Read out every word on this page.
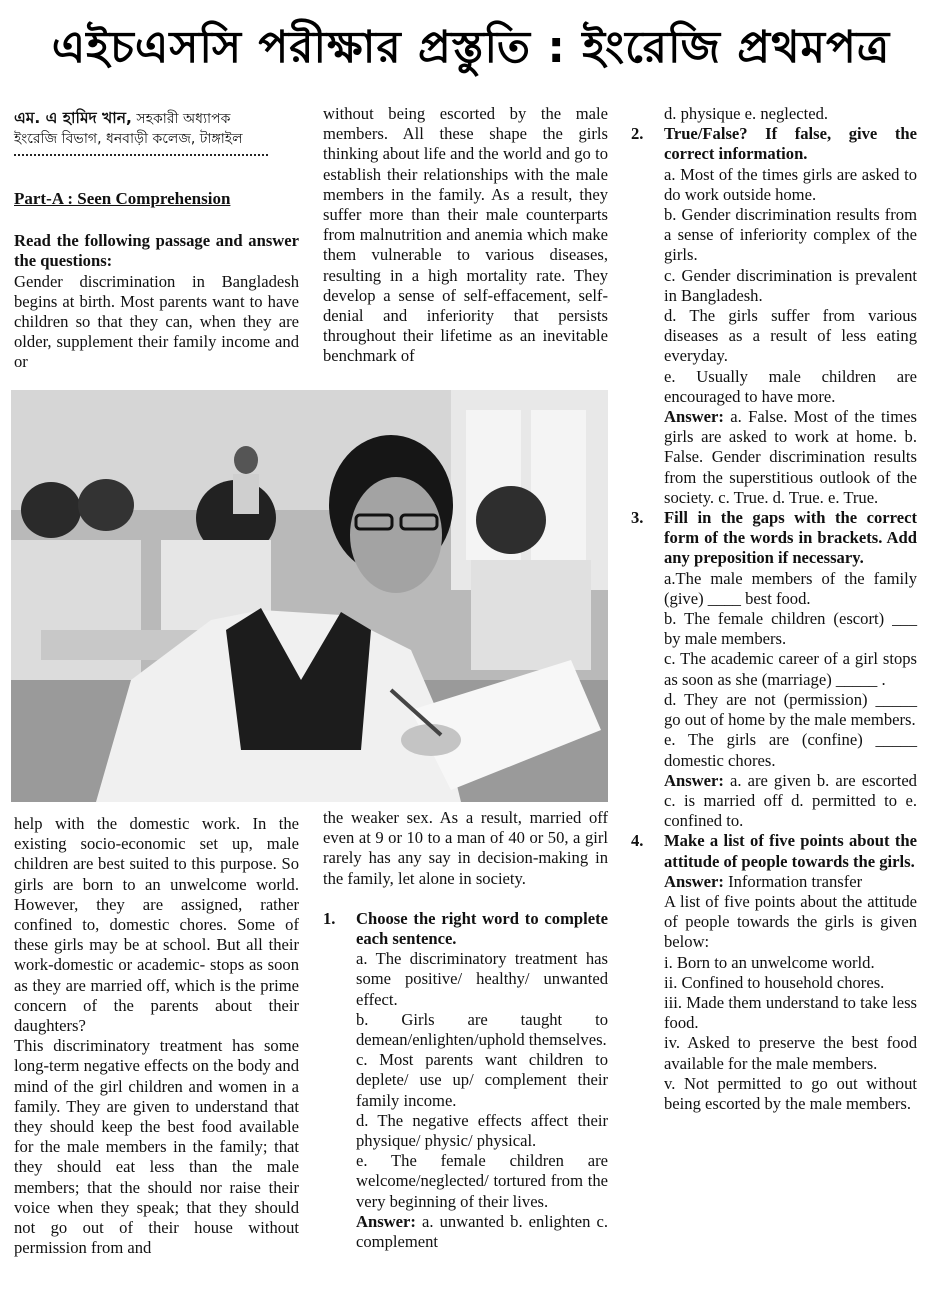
এইচএসসি পরীক্ষার প্রস্তুতি : ইংরেজি প্রথমপত্র
এম. এ হামিদ খান, সহকারী অধ্যাপক
ইংরেজি বিভাগ, ধনবাড়ী কলেজ, টাঙ্গাইল

Part-A : Seen Comprehension

Read the following passage and answer the questions:

Gender discrimination in Bangladesh begins at birth. Most parents want to have children so that they can, when they are older, supplement their family income and or

without being escorted by the male members. All these shape the girls thinking about life and the world and go to establish their relationships with the male members in the family. As a result, they suffer more than their male counterparts from malnutrition and anemia which make them vulnerable to various diseases, resulting in a high mortality rate. They develop a sense of self-effacement, self-denial and inferiority that persists throughout their lifetime as an inevitable benchmark of

help with the domestic work. In the existing socio-economic set up, male children are best suited to this purpose. So girls are born to an unwelcome world. However, they are assigned, rather confined to, domestic chores. Some of these girls may be at school. But all their work-domestic or academic- stops as soon as they are married off, which is the prime concern of the parents about their daughters?

This discriminatory treatment has some long-term negative effects on the body and mind of the girl children and women in a family. They are given to understand that they should keep the best food available for the male members in the family; that they should eat less than the male members; that the should nor raise their voice when they speak; that they should not go out of their house without permission from and

the weaker sex. As a result, married off even at 9 or 10 to a man of 40 or 50, a girl rarely has any say in decision-making in the family, let alone in society.

1.	Choose the right word to complete each sentence.

a. The discriminatory treatment has some positive/ healthy/ unwanted effect.

b. Girls are taught to demean/enlighten/uphold themselves.

c. Most parents want children to deplete/ use up/ complement their family income.

d. The negative effects affect their physique/ physic/ physical.

e. The female children are welcome/neglected/ tortured from the very beginning of their lives.

Answer: a. unwanted b. enlighten c. complement

d. physique e. neglected.

2.	True/False? If false, give the correct information.

a. Most of the times girls are asked to do work outside home.

b. Gender discrimination results from a sense of inferiority complex of the girls.

c. Gender discrimination is prevalent in Bangladesh.

d. The girls suffer from various diseases as a result of less eating everyday.

e. Usually male children are encouraged to have more.

Answer: a. False. Most of the times girls are asked to work at home. b. False. Gender discrimination results from the superstitious outlook of the society. c. True. d. True. e. True.

3.	Fill in the gaps with the correct form of the words in brackets. Add any preposition if necessary.

a.The male members of the family (give) ____ best food.

b. The female children (escort) ___ by male members.

c. The academic career of a girl stops as soon as she (marriage) _____ .

d. They are not (permission) _____ go out of home by the male members.

e. The girls are (confine) _____ domestic chores.

Answer: a. are given b. are escorted c. is married off d. permitted to e. confined to.

4.	Make a list of five points about the attitude of people towards the girls.

Answer: Information transfer

A list of five points about the attitude of people towards the girls is given below:

i. Born to an unwelcome world.

ii. Confined to household chores.

iii. Made them understand to take less food.

iv. Asked to preserve the best food available for the male members.

v. Not permitted to go out without being escorted by the male members.
